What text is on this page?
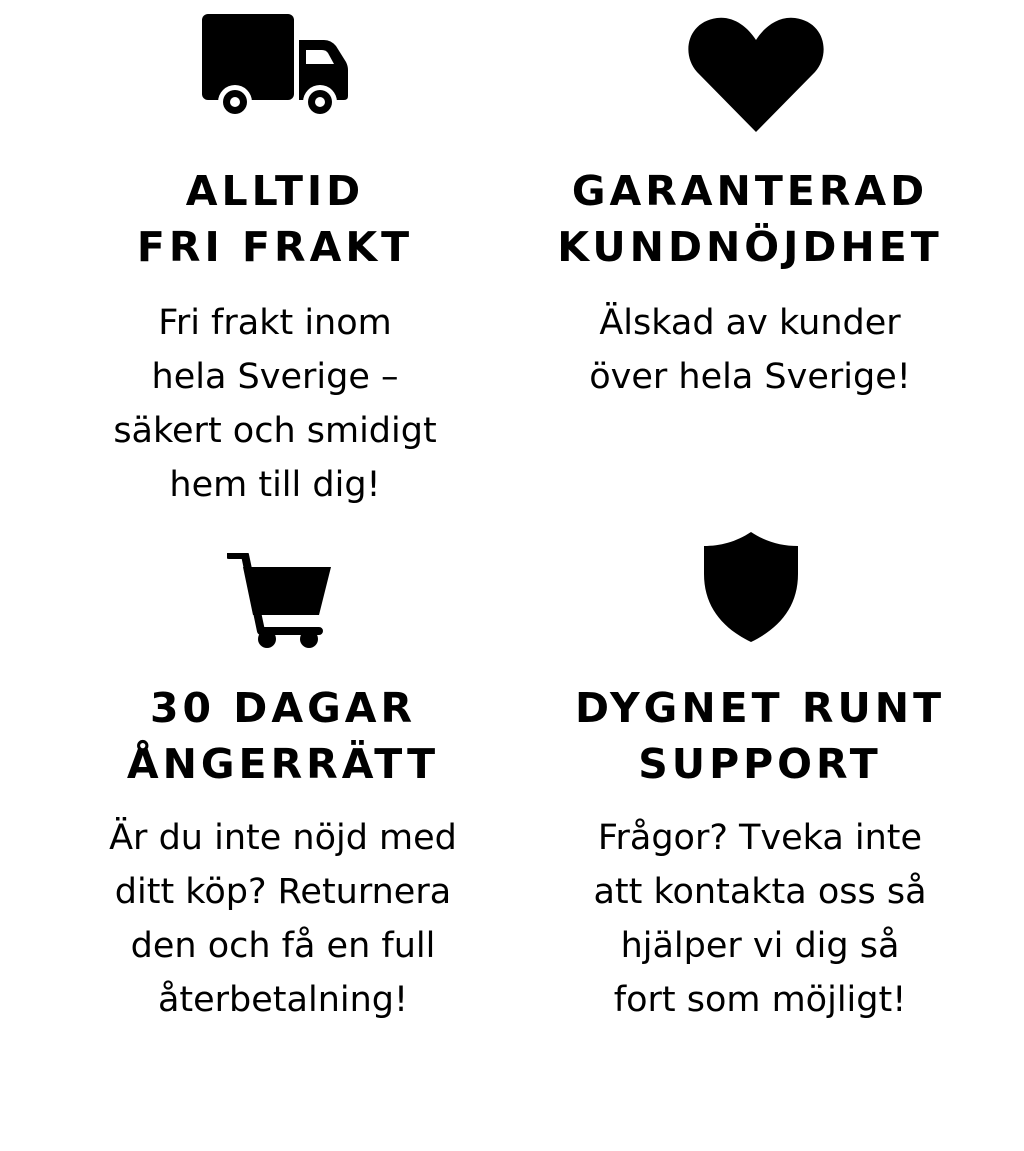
ALLTID
FRI FRAKT
Fri frakt inom
hela Sverige –
säkert och smidigt
hem till dig!
GARANTERAD
KUNDNÖJDHET
Älskad av kunder
över hela Sverige!
30 DAGAR
ÅNGERRÄTT
Är du inte nöjd med
ditt köp? Returnera
den och få en full
återbetalning!
DYGNET RUNT
SUPPORT
Frågor? Tveka inte
att kontakta oss så
hjälper vi dig så
fort som möjligt!
